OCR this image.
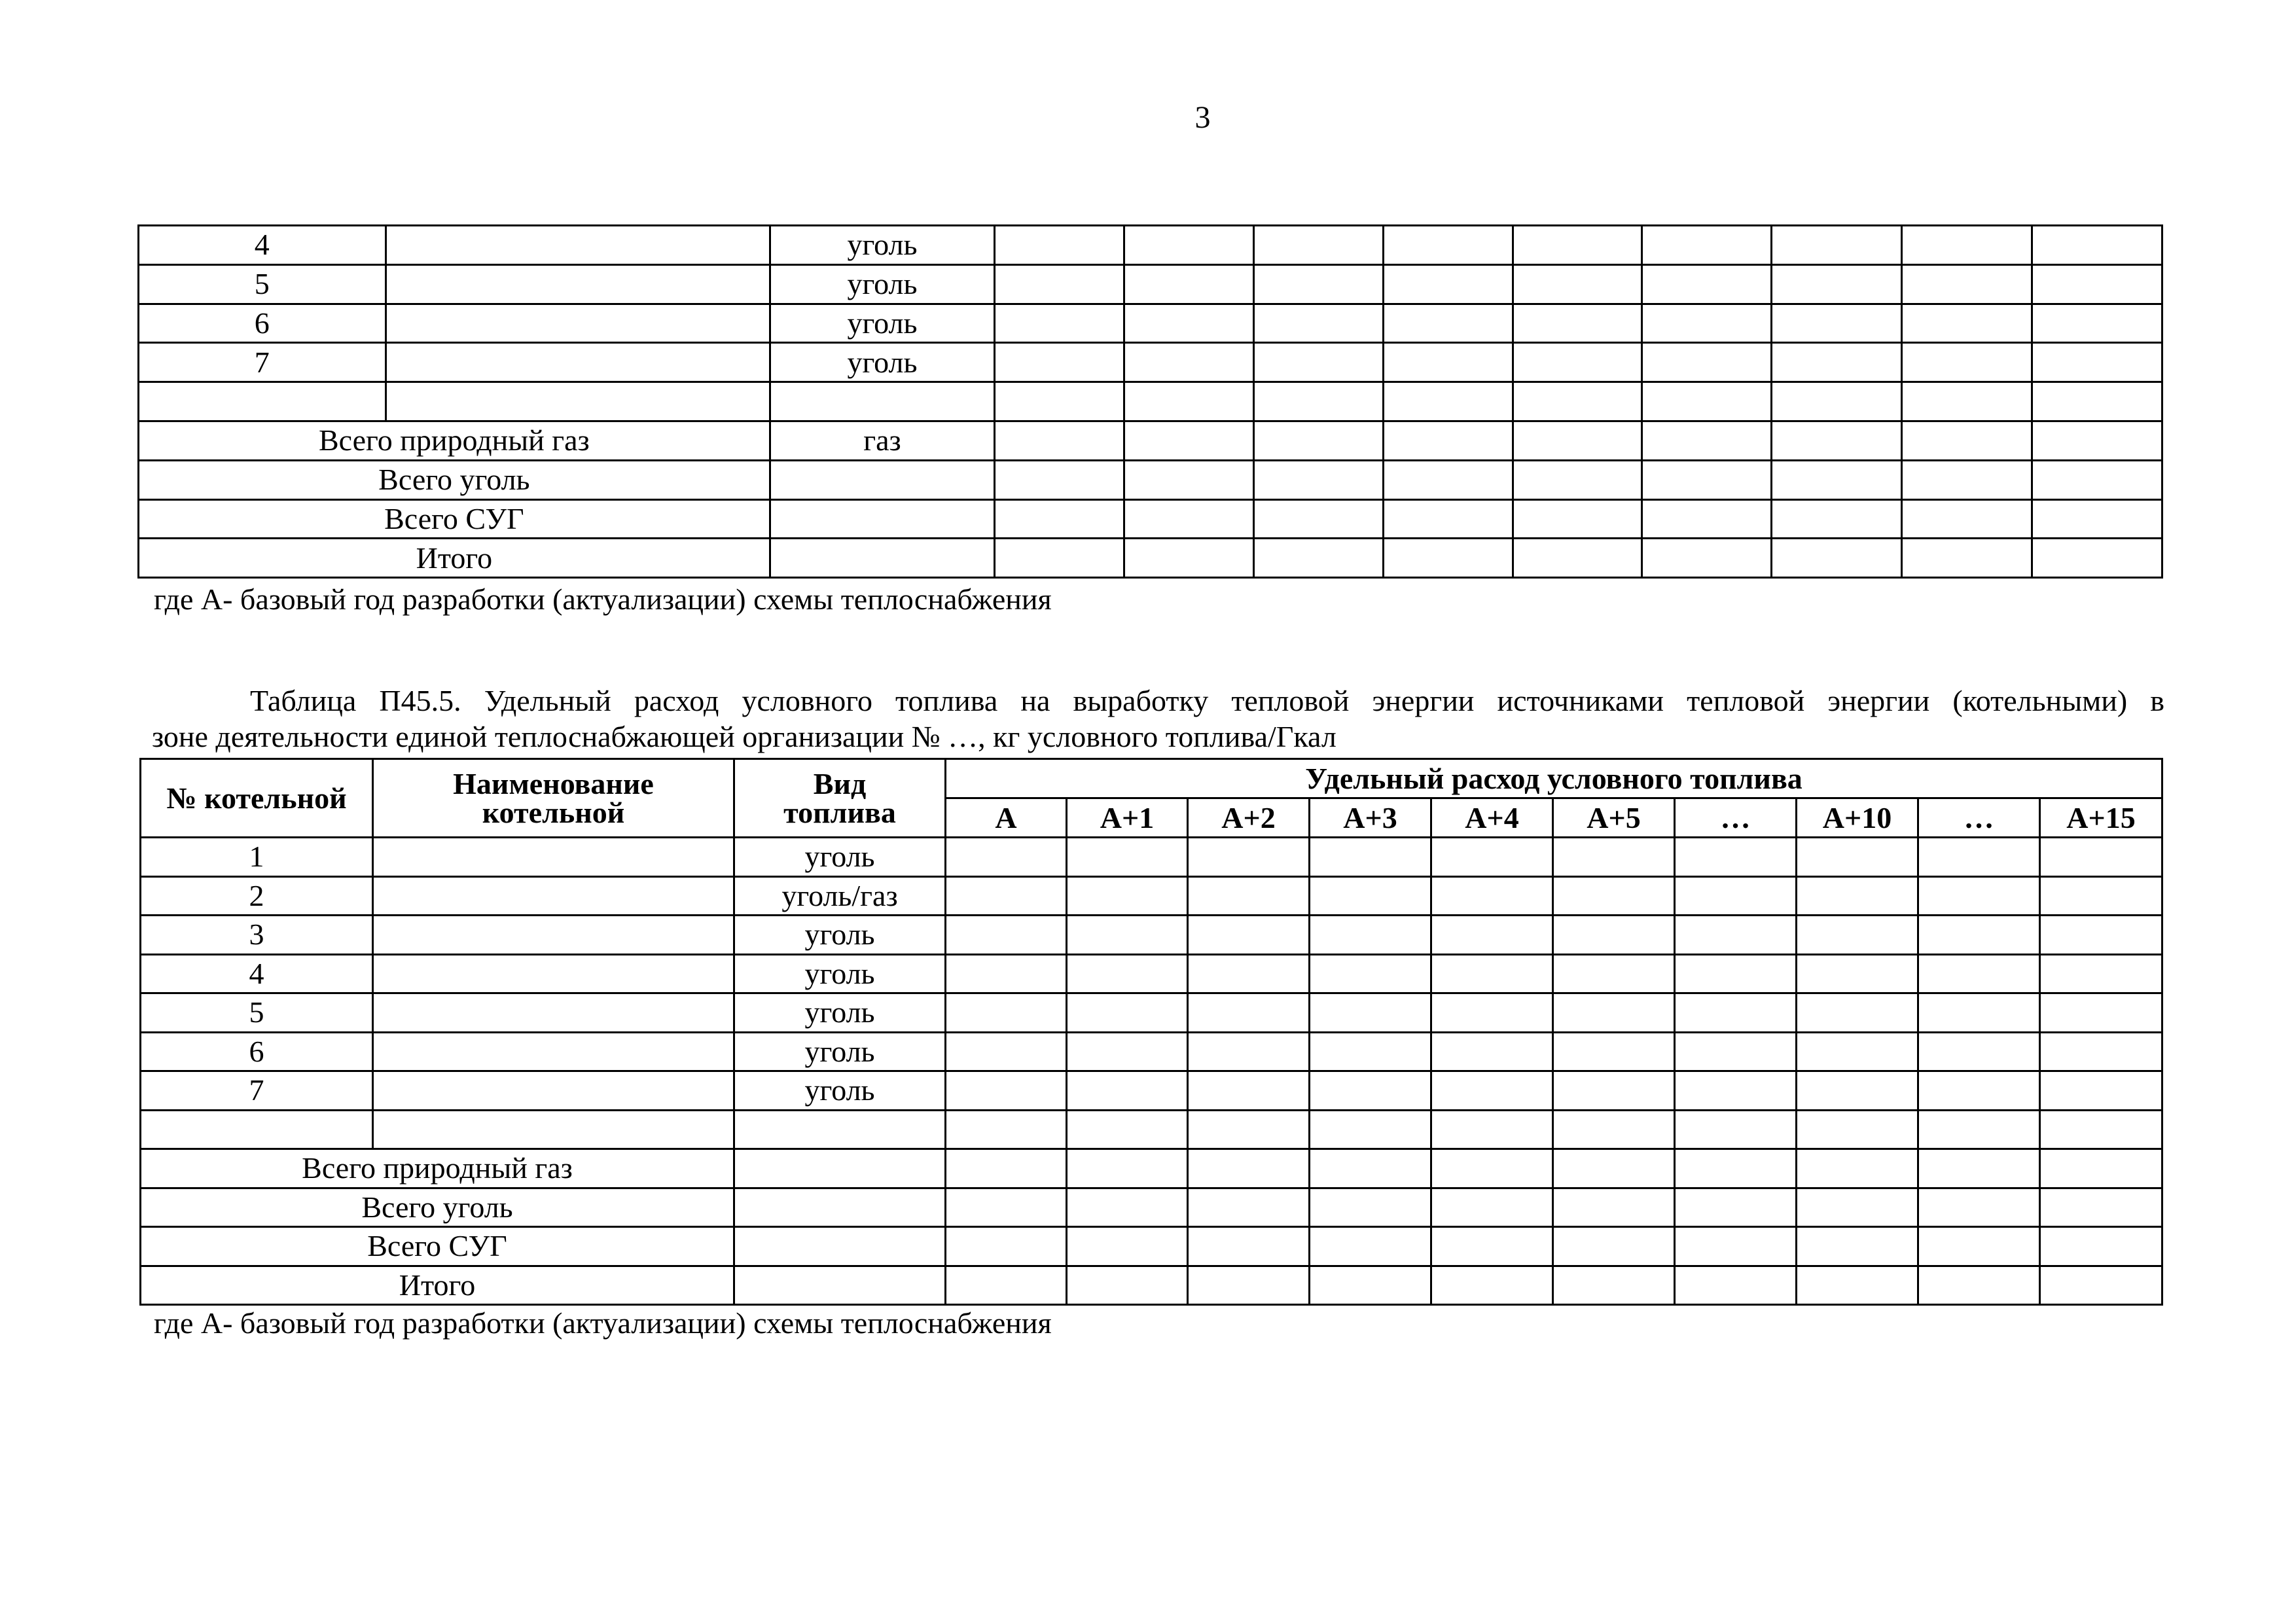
3
4		уголь									
5		уголь									
6		уголь									
7		уголь									

Всего природный газ		газ									
Всего уголь											
Всего СУГ											
Итого											
где А- базовый год разработки (актуализации) схемы теплоснабжения
Таблица П45.5. Удельный расход условного топлива на выработку тепловой энергии источниками тепловой энергии (котельными) в
зоне деятельности единой теплоснабжающей организации № …, кг условного топлива/Гкал
№ котельной	Наименование котельной	Вид топлива	Удельный расход условного топлива									
			А	А+1	А+2	А+3	А+4	А+5	…	А+10	…	А+15
1		уголь										
2		уголь/газ										
3		уголь										
4		уголь										
5		уголь										
6		уголь										
7		уголь										

Всего природный газ												
Всего уголь												
Всего СУГ												
Итого												
где А- базовый год разработки (актуализации) схемы теплоснабжения
